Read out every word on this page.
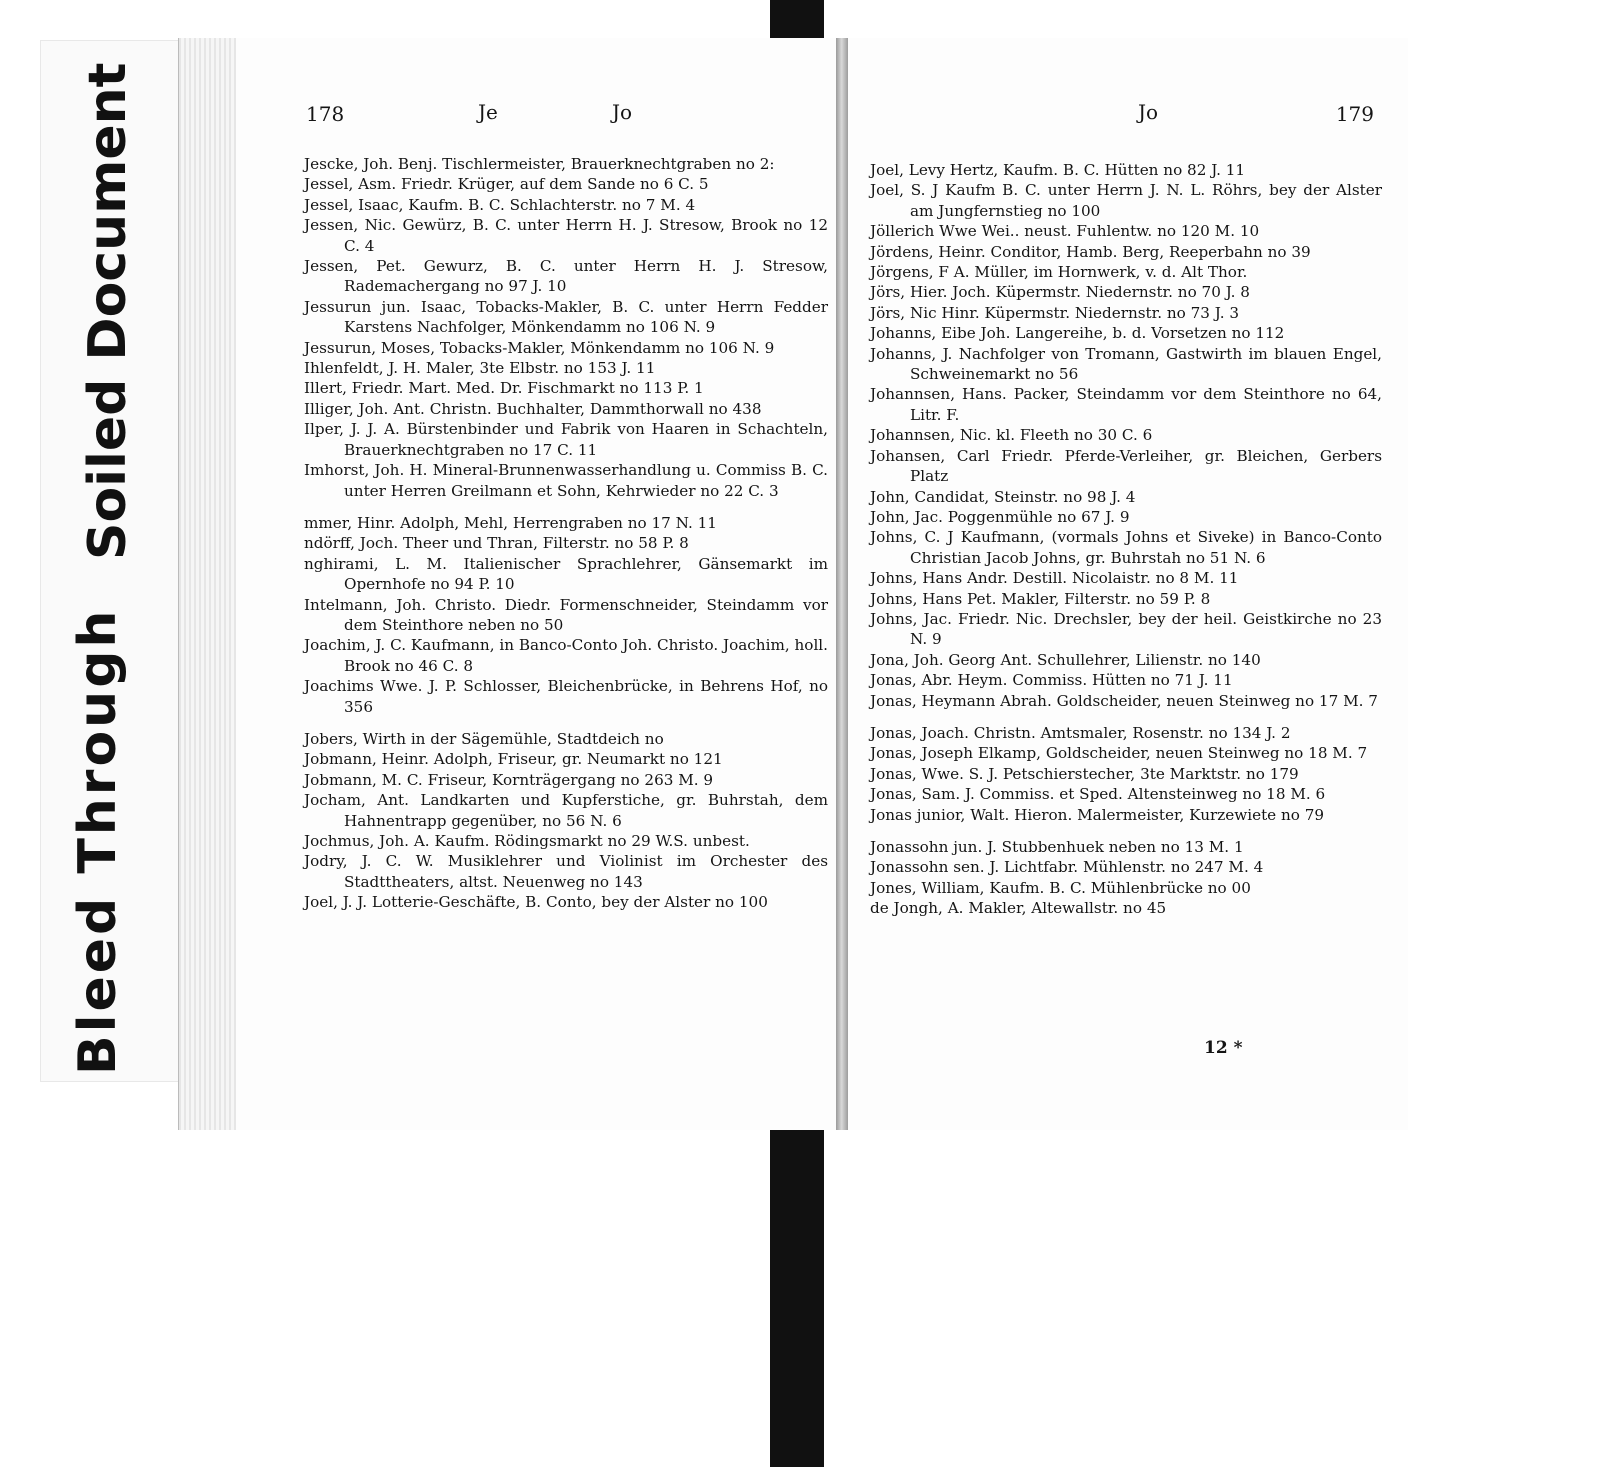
Soiled Document
Bleed Through
178	Je	Jo

Jescke, Joh. Benj. Tischlermeister, Brauerknechtgraben no 2:

Jessel, Asm. Friedr. Krüger, auf dem Sande no 6 C. 5

Jessel, Isaac, Kaufm. B. C. Schlachterstr. no 7 M. 4

Jessen, Nic. Gewürz, B. C. unter Herrn H. J. Stresow, Brook no 12 C. 4

Jessen, Pet. Gewurz, B. C. unter Herrn H. J. Stresow, Rademachergang no 97 J. 10

Jessurun jun. Isaac, Tobacks-Makler, B. C. unter Herrn Fedder Karstens Nachfolger, Mönkendamm no 106 N. 9

Jessurun, Moses, Tobacks-Makler, Mönkendamm no 106 N. 9

Ihlenfeldt, J. H. Maler, 3te Elbstr. no 153 J. 11

Illert, Friedr. Mart. Med. Dr. Fischmarkt no 113 P. 1

Illiger, Joh. Ant. Christn. Buchhalter, Dammthorwall no 438

Ilper, J. J. A. Bürstenbinder und Fabrik von Haaren in Schachteln, Brauerknechtgraben no 17 C. 11

Imhorst, Joh. H. Mineral-Brunnenwasserhandlung u. Commiss B. C. unter Herren Greilmann et Sohn, Kehrwieder no 22 C. 3

mmer, Hinr. Adolph, Mehl, Herrengraben no 17 N. 11

ndörff, Joch. Theer und Thran, Filterstr. no 58 P. 8

nghirami, L. M. Italienischer Sprachlehrer, Gänsemarkt im Opernhofe no 94 P. 10

Intelmann, Joh. Christo. Diedr. Formenschneider, Steindamm vor dem Steinthore neben no 50

Joachim, J. C. Kaufmann, in Banco-Conto Joh. Christo. Joachim, holl. Brook no 46 C. 8

Joachims Wwe. J. P. Schlosser, Bleichenbrücke, in Behrens Hof, no 356

Jobers, Wirth in der Sägemühle, Stadtdeich no

Jobmann, Heinr. Adolph, Friseur, gr. Neumarkt no 121

Jobmann, M. C. Friseur, Kornträgergang no 263 M. 9

Jocham, Ant. Landkarten und Kupferstiche, gr. Buhrstah, dem Hahnentrapp gegenüber, no 56 N. 6

Jochmus, Joh. A. Kaufm. Rödingsmarkt no 29 W.S. unbest.

Jodry, J. C. W. Musiklehrer und Violinist im Orchester des Stadttheaters, altst. Neuenweg no 143

Joel, J. J. Lotterie-Geschäfte, B. Conto, bey der Alster no 100

Jo	179

Joel, Levy Hertz, Kaufm. B. C. Hütten no 82 J. 11

Joel, S. J Kaufm B. C. unter Herrn J. N. L. Röhrs, bey der Alster am Jungfernstieg no 100

Jöllerich Wwe Wei.. neust. Fuhlentw. no 120 M. 10

Jördens, Heinr. Conditor, Hamb. Berg, Reeperbahn no 39

Jörgens, F A. Müller, im Hornwerk, v. d. Alt Thor.

Jörs, Hier. Joch. Küpermstr. Niedernstr. no 70 J. 8

Jörs, Nic Hinr. Küpermstr. Niedernstr. no 73 J. 3

Johanns, Eibe Joh. Langereihe, b. d. Vorsetzen no 112

Johanns, J. Nachfolger von Tromann, Gastwirth im blauen Engel, Schweinemarkt no 56

Johannsen, Hans. Packer, Steindamm vor dem Steinthore no 64, Litr. F.

Johannsen, Nic. kl. Fleeth no 30 C. 6

Johansen, Carl Friedr. Pferde-Verleiher, gr. Bleichen, Gerbers Platz

John, Candidat, Steinstr. no 98 J. 4

John, Jac. Poggenmühle no 67 J. 9

Johns, C. J Kaufmann, (vormals Johns et Siveke) in Banco-Conto Christian Jacob Johns, gr. Buhrstah no 51 N. 6

Johns, Hans Andr. Destill. Nicolaistr. no 8 M. 11

Johns, Hans Pet. Makler, Filterstr. no 59 P. 8

Johns, Jac. Friedr. Nic. Drechsler, bey der heil. Geistkirche no 23 N. 9

Jona, Joh. Georg Ant. Schullehrer, Lilienstr. no 140

Jonas, Abr. Heym. Commiss. Hütten no 71 J. 11

Jonas, Heymann Abrah. Goldscheider, neuen Steinweg no 17 M. 7

Jonas, Joach. Christn. Amtsmaler, Rosenstr. no 134 J. 2

Jonas, Joseph Elkamp, Goldscheider, neuen Steinweg no 18 M. 7

Jonas, Wwe. S. J. Petschierstecher, 3te Marktstr. no 179

Jonas, Sam. J. Commiss. et Sped. Altensteinweg no 18 M. 6

Jonas junior, Walt. Hieron. Malermeister, Kurzewiete no 79

Jonassohn jun. J. Stubbenhuek neben no 13 M. 1

Jonassohn sen. J. Lichtfabr. Mühlenstr. no 247 M. 4

Jones, William, Kaufm. B. C. Mühlenbrücke no 00

de Jongh, A. Makler, Altewallstr. no 45

12 *
